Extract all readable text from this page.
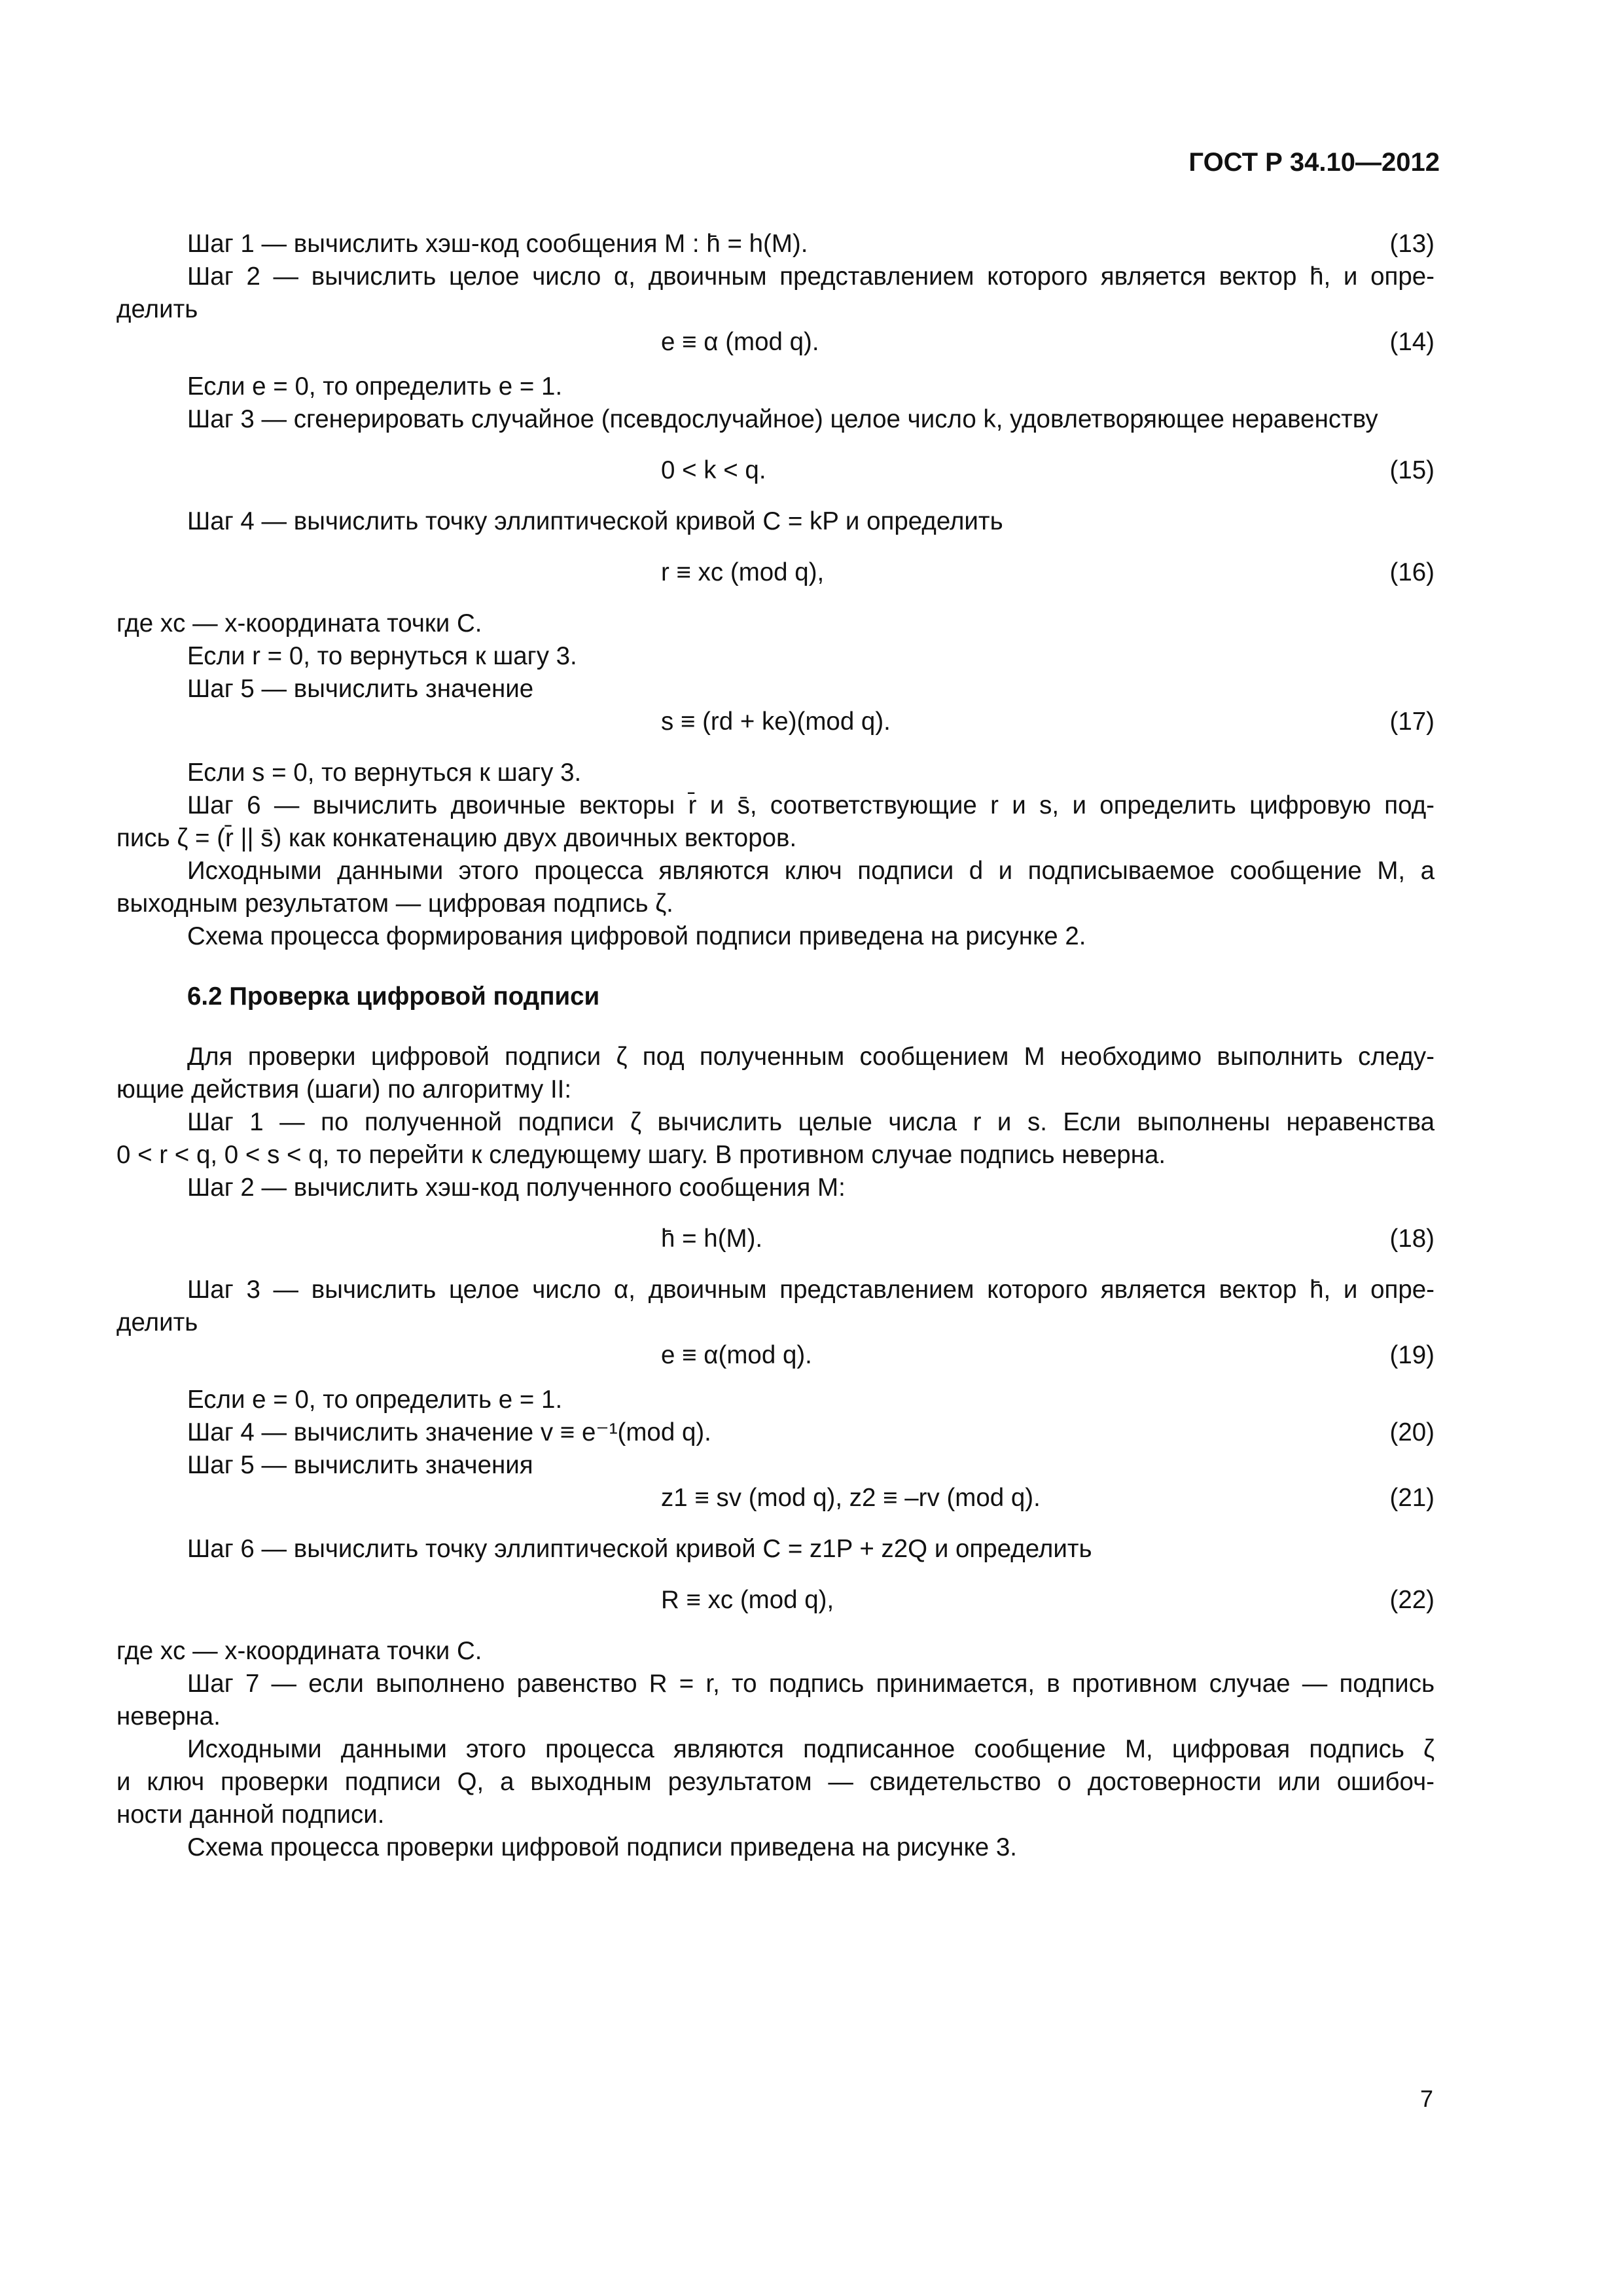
ГОСТ Р 34.10—2012
Шаг 1 — вычислить хэш-код сообщения M : h̄ = h(M).	(13)
Шаг 2 — вычислить целое число α, двоичным представлением которого является вектор h̄, и опре-
делить
e ≡ α (mod q).	(14)
Если e = 0, то определить e = 1.
Шаг 3 — сгенерировать случайное (псевдослучайное) целое число k, удовлетворяющее неравенству
0 < k < q.	(15)
Шаг 4 — вычислить точку эллиптической кривой C = kP и определить
r ≡ xc (mod q),	(16)
где xc — x-координата точки C.
Если r = 0, то вернуться к шагу 3.
Шаг 5 — вычислить значение
s ≡ (rd + ke)(mod q).	(17)
Если s = 0, то вернуться к шагу 3.
Шаг 6 — вычислить двоичные векторы r̄ и s̄, соответствующие r и s, и определить цифровую под-
пись ζ = (r̄ || s̄) как конкатенацию двух двоичных векторов.
Исходными данными этого процесса являются ключ подписи d и подписываемое сообщение M, а
выходным результатом — цифровая подпись ζ.
Схема процесса формирования цифровой подписи приведена на рисунке 2.
6.2 Проверка цифровой подписи
Для проверки цифровой подписи ζ под полученным сообщением M необходимо выполнить следу-
ющие действия (шаги) по алгоритму II:
Шаг 1 — по полученной подписи ζ вычислить целые числа r и s. Если выполнены неравенства
0 < r < q, 0 < s < q, то перейти к следующему шагу. В противном случае подпись неверна.
Шаг 2 — вычислить хэш-код полученного сообщения M:
h̄ = h(M).	(18)
Шаг 3 — вычислить целое число α, двоичным представлением которого является вектор h̄, и опре-
делить
e ≡ α(mod q).	(19)
Если e = 0, то определить e = 1.
Шаг 4 — вычислить значение v ≡ e⁻¹(mod q).	(20)
Шаг 5 — вычислить значения
z1 ≡ sv (mod q), z2 ≡ –rv (mod q).	(21)
Шаг 6 — вычислить точку эллиптической кривой C = z1P + z2Q и определить
R ≡ xc (mod q),	(22)
где xc — x-координата точки C.
Шаг 7 — если выполнено равенство R = r, то подпись принимается, в противном случае — подпись
неверна.
Исходными данными этого процесса являются подписанное сообщение M, цифровая подпись ζ
и ключ проверки подписи Q, а выходным результатом — свидетельство о достоверности или ошибоч-
ности данной подписи.
Схема процесса проверки цифровой подписи приведена на рисунке 3.
7
